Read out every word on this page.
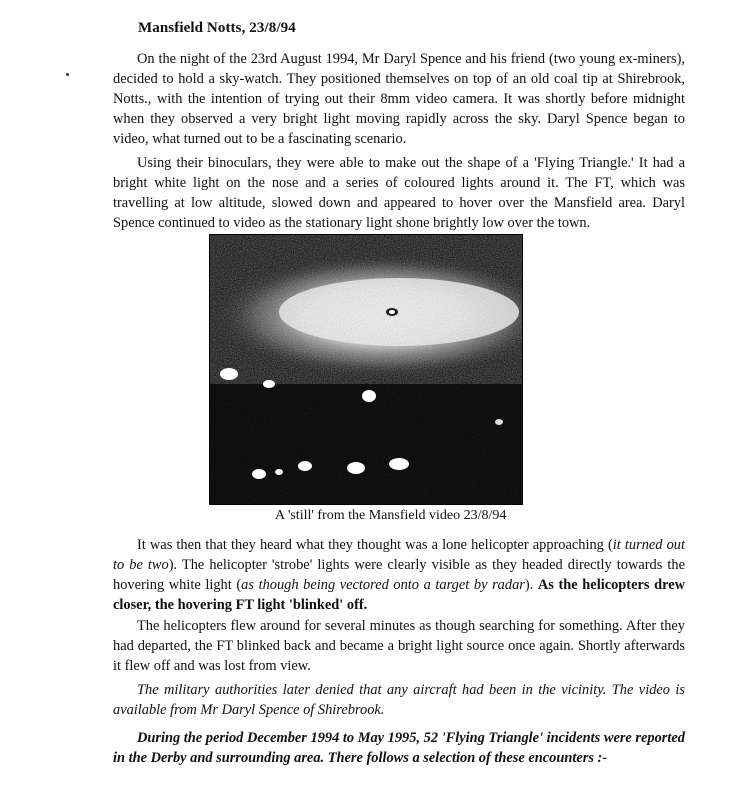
Mansfield Notts, 23/8/94

On the night of the 23rd August 1994, Mr Daryl Spence and his friend (two young ex-miners), decided to hold a sky-watch. They positioned themselves on top of an old coal tip at Shirebrook, Notts., with the intention of trying out their 8mm video camera. It was shortly before midnight when they observed a very bright light moving rapidly across the sky. Daryl Spence began to video, what turned out to be a fascinating scenario.

Using their binoculars, they were able to make out the shape of a 'Flying Triangle.' It had a bright white light on the nose and a series of coloured lights around it. The FT, which was travelling at low altitude, slowed down and appeared to hover over the Mansfield area. Daryl Spence continued to video as the stationary light shone brightly low over the town.

A 'still' from the Mansfield video 23/8/94

It was then that they heard what they thought was a lone helicopter approaching (it turned out to be two). The helicopter 'strobe' lights were clearly visible as they headed directly towards the hovering white light (as though being vectored onto a target by radar). As the helicopters drew closer, the hovering FT light 'blinked' off.

The helicopters flew around for several minutes as though searching for something. After they had departed, the FT blinked back and became a bright light source once again. Shortly afterwards it flew off and was lost from view.

The military authorities later denied that any aircraft had been in the vicinity. The video is available from Mr Daryl Spence of Shirebrook.

During the period December 1994 to May 1995, 52 'Flying Triangle' incidents were reported in the Derby and surrounding area. There follows a selection of these encounters :-
